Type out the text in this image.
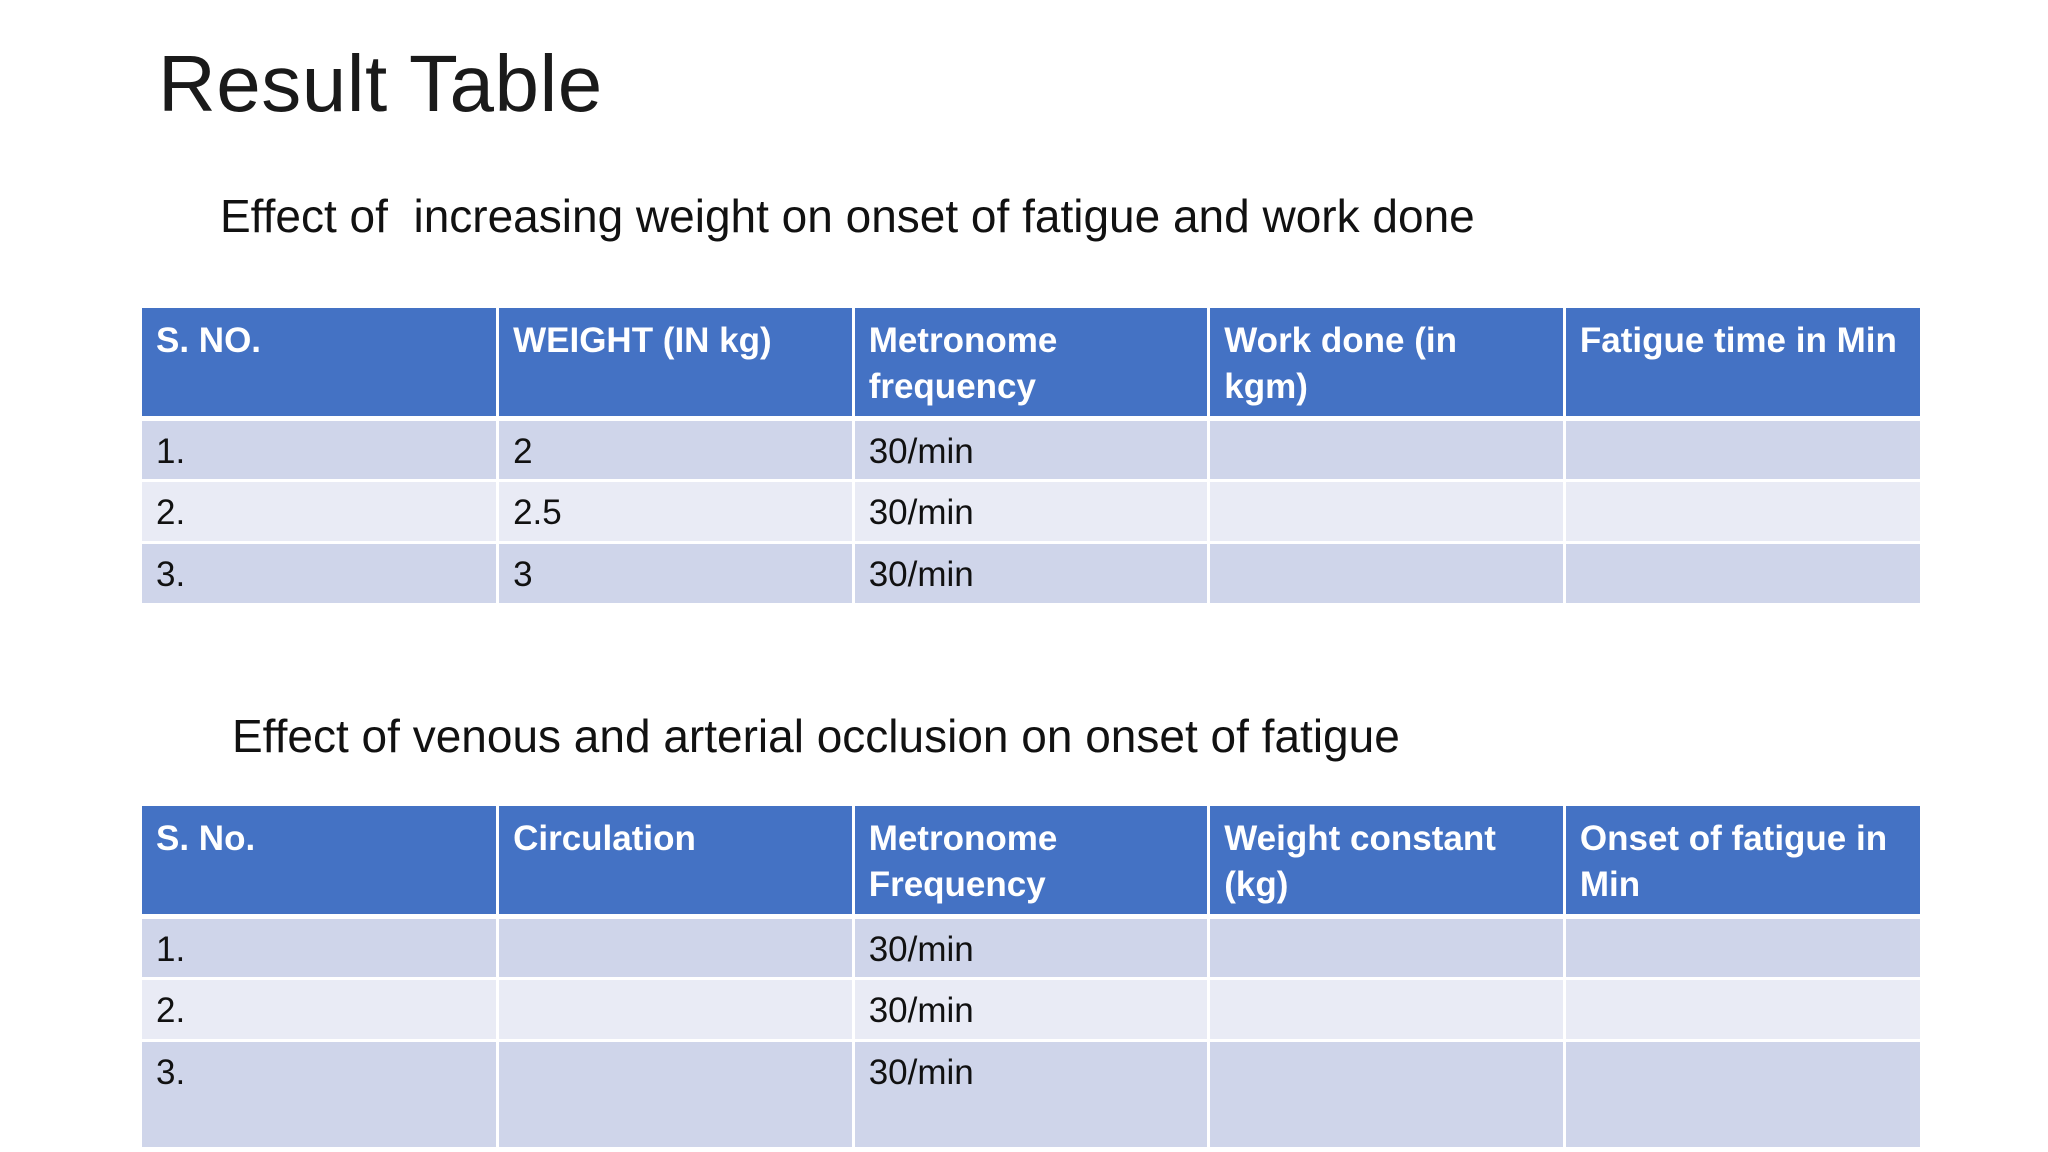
Result Table
Effect of  increasing weight on onset of fatigue and work done
S. NO.	WEIGHT (IN kg)	Metronome frequency	Work done (in kgm)	Fatigue time in Min
1.	2	30/min		
2.	2.5	30/min		
3.	3	30/min		
Effect of venous and arterial occlusion on onset of fatigue
S. No.	Circulation	Metronome Frequency	Weight constant (kg)	Onset of fatigue in Min
1.		30/min		
2.		30/min		
3.		30/min		
